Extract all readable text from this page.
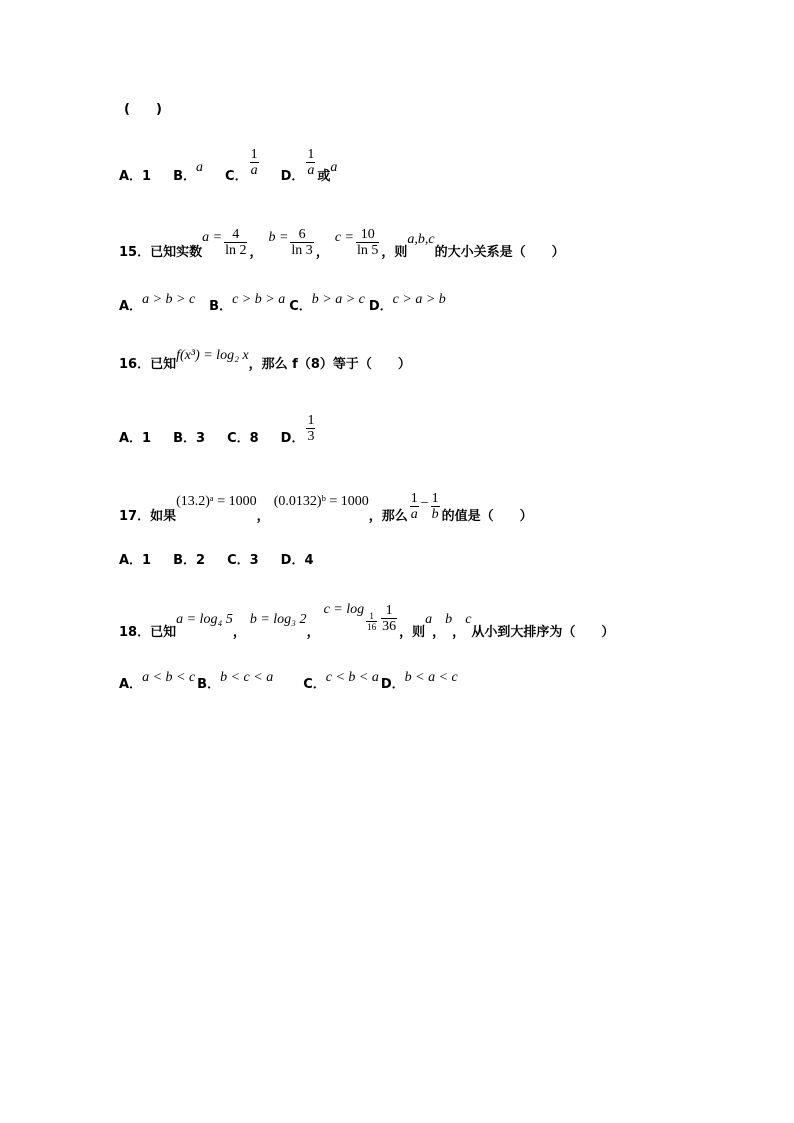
(　　)
A．1 B．
a
C． $\frac{1}{a}$ D． $\frac{1}{a}$ 或
a
15． 已知实数
$a = \frac{4}{\ln 2}$ ，
$b = \frac{6}{\ln 3}$ ，
$c = \frac{10}{\ln 5}$ ，则
a,b,c
的大小关系是（　　）
A． a > b > c B． c > b > a C． b > a > c D． c > a > b
16． 已知
f(x³) = log₂ x
，那么 f（8）等于（　　）
A．1 B．3 C．8 D． $\frac{1}{3}$
17． 如果
(13.2)ᵃ = 1000
，
(0.0132)ᵇ = 1000
，那么 $\frac{1}{a} - \frac{1}{b}$ 的值是（　　）
A．1 B．2 C．3 D．4
18． 已知
a = log₄ 5
，
b = log₃ 2
，
c = log
$\frac{1}{16} \frac{1}{36}$ ，则
a
，
b
，
c
从小到大排序为（　　）
A． a < b < c B． b < c < a C． c < b < a D． b < a < c
